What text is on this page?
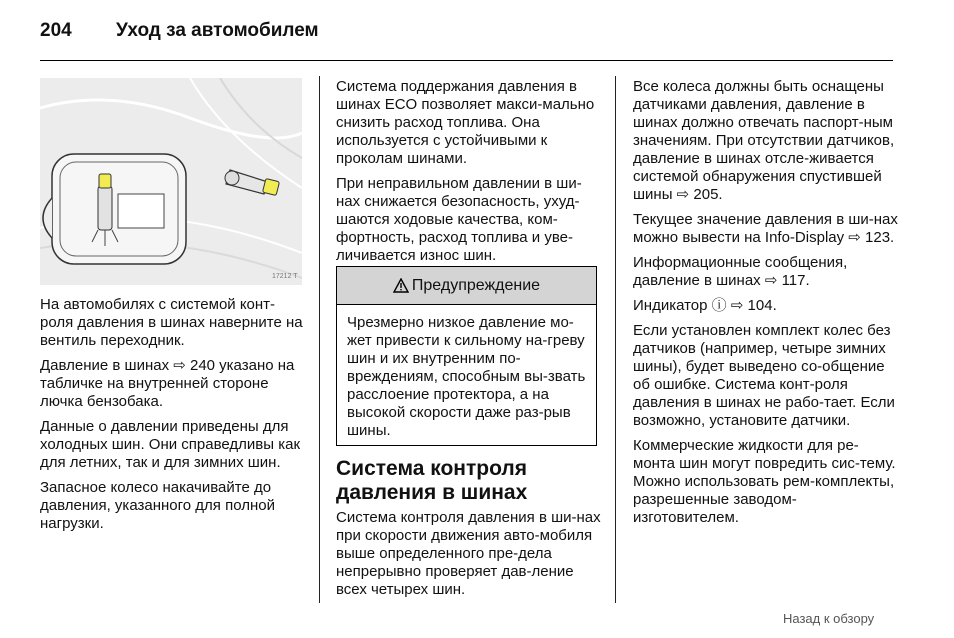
204 Уход за автомобилем
17212 T

На автомобилях с системой конт-роля давления в шинах наверните на вентиль переходник.

Давление в шинах ⇨ 240 указано на табличке на внутренней стороне лючка бензобака.

Данные о давлении приведены для холодных шин. Они справедливы как для летних, так и для зимних шин.

Запасное колесо накачивайте до давления, указанного для полной нагрузки.

Система поддержания давления в шинах ECO позволяет макси-мально снизить расход топлива. Она используется с устойчивыми к проколам шинами.

При неправильном давлении в ши-нах снижается безопасность, ухуд-шаются ходовые качества, ком-фортность, расход топлива и уве-личивается износ шин.

Предупреждение
Чрезмерно низкое давление мо-жет привести к сильному на-греву шин и их внутренним по-вреждениям, способным вы-звать расслоение протектора, а на высокой скорости даже раз-рыв шины.
Система контроля давления в шинах

Система контроля давления в ши-нах при скорости движения авто-мобиля выше определенного пре-дела непрерывно проверяет дав-ление всех четырех шин.

Все колеса должны быть оснащены датчиками давления, давление в шинах должно отвечать паспорт-ным значениям. При отсутствии датчиков, давление в шинах отсле-живается системой обнаружения спустившей шины ⇨ 205.

Текущее значение давления в ши-нах можно вывести на Info-Display ⇨ 123.

Информационные сообщения, давление в шинах ⇨ 117.

Индикатор ⓘ ⇨ 104.

Если установлен комплект колес без датчиков (например, четыре зимних шины), будет выведено со-общение об ошибке. Система конт-роля давления в шинах не рабо-тает. Если возможно, установите датчики.

Коммерческие жидкости для ре-монта шин могут повредить сис-тему. Можно использовать рем-комплекты, разрешенные заводом-изготовителем.

Назад к обзору
